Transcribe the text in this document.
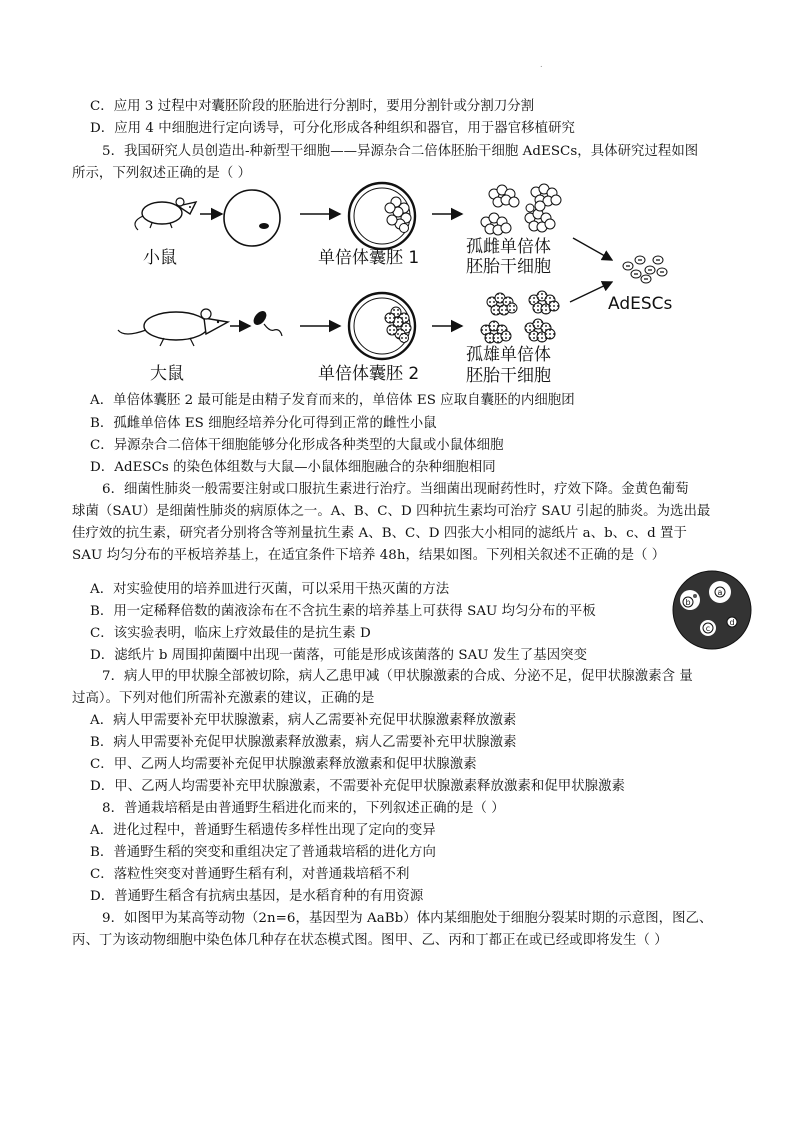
.
C．应用 3 过程中对囊胚阶段的胚胎进行分割时，要用分割针或分割刀分割
D．应用 4 中细胞进行定向诱导，可分化形成各种组织和器官，用于器官移植研究
5．我国研究人员创造出-种新型干细胞——异源杂合二倍体胚胎干细胞 AdESCs，具体研究过程如图
所示，下列叙述正确的是（ ）
小鼠	单倍体囊胚 1
孤雌单倍体
胚胎干细胞
AdESCs
大鼠	单倍体囊胚 2
孤雄单倍体
胚胎干细胞
A．单倍体囊胚 2 最可能是由精子发育而来的，单倍体 ES 应取自囊胚的内细胞团
B．孤雌单倍体 ES 细胞经培养分化可得到正常的雌性小鼠
C．异源杂合二倍体干细胞能够分化形成各种类型的大鼠或小鼠体细胞
D．AdESCs 的染色体组数与大鼠—小鼠体细胞融合的杂种细胞相同
6．细菌性肺炎一般需要注射或口服抗生素进行治疗。当细菌出现耐药性时，疗效下降。金黄色葡萄
球菌（SAU）是细菌性肺炎的病原体之一。A、B、C、D 四种抗生素均可治疗 SAU 引起的肺炎。为选出最
佳疗效的抗生素，研究者分别将含等剂量抗生素 A、B、C、D 四张大小相同的滤纸片 a、b、c、d 置于
SAU 均匀分布的平板培养基上，在适宜条件下培养 48h，结果如图。下列相关叙述不正确的是（ ）
a
b
c
d
A．对实验使用的培养皿进行灭菌，可以采用干热灭菌的方法
B．用一定稀释倍数的菌液涂布在不含抗生素的培养基上可获得 SAU 均匀分布的平板
C．该实验表明，临床上疗效最佳的是抗生素 D
D．滤纸片 b 周围抑菌圈中出现一菌落，可能是形成该菌落的 SAU 发生了基因突变
7．病人甲的甲状腺全部被切除，病人乙患甲减（甲状腺激素的合成、分泌不足，促甲状腺激素含 量
过高）。下列对他们所需补充激素的建议，正确的是
A．病人甲需要补充甲状腺激素，病人乙需要补充促甲状腺激素释放激素
B．病人甲需要补充促甲状腺激素释放激素，病人乙需要补充甲状腺激素
C．甲、乙两人均需要补充促甲状腺激素释放激素和促甲状腺激素
D．甲、乙两人均需要补充甲状腺激素，不需要补充促甲状腺激素释放激素和促甲状腺激素
8．普通栽培稻是由普通野生稻进化而来的，下列叙述正确的是（ ）
A．进化过程中，普通野生稻遗传多样性出现了定向的变异
B．普通野生稻的突变和重组决定了普通栽培稻的进化方向
C．落粒性突变对普通野生稻有利，对普通栽培稻不利
D．普通野生稻含有抗病虫基因，是水稻育种的有用资源
9．如图甲为某高等动物（2n=6，基因型为 AaBb）体内某细胞处于细胞分裂某时期的示意图，图乙、
丙、丁为该动物细胞中染色体几种存在状态模式图。图甲、乙、丙和丁都正在或已经或即将发生（ ）
